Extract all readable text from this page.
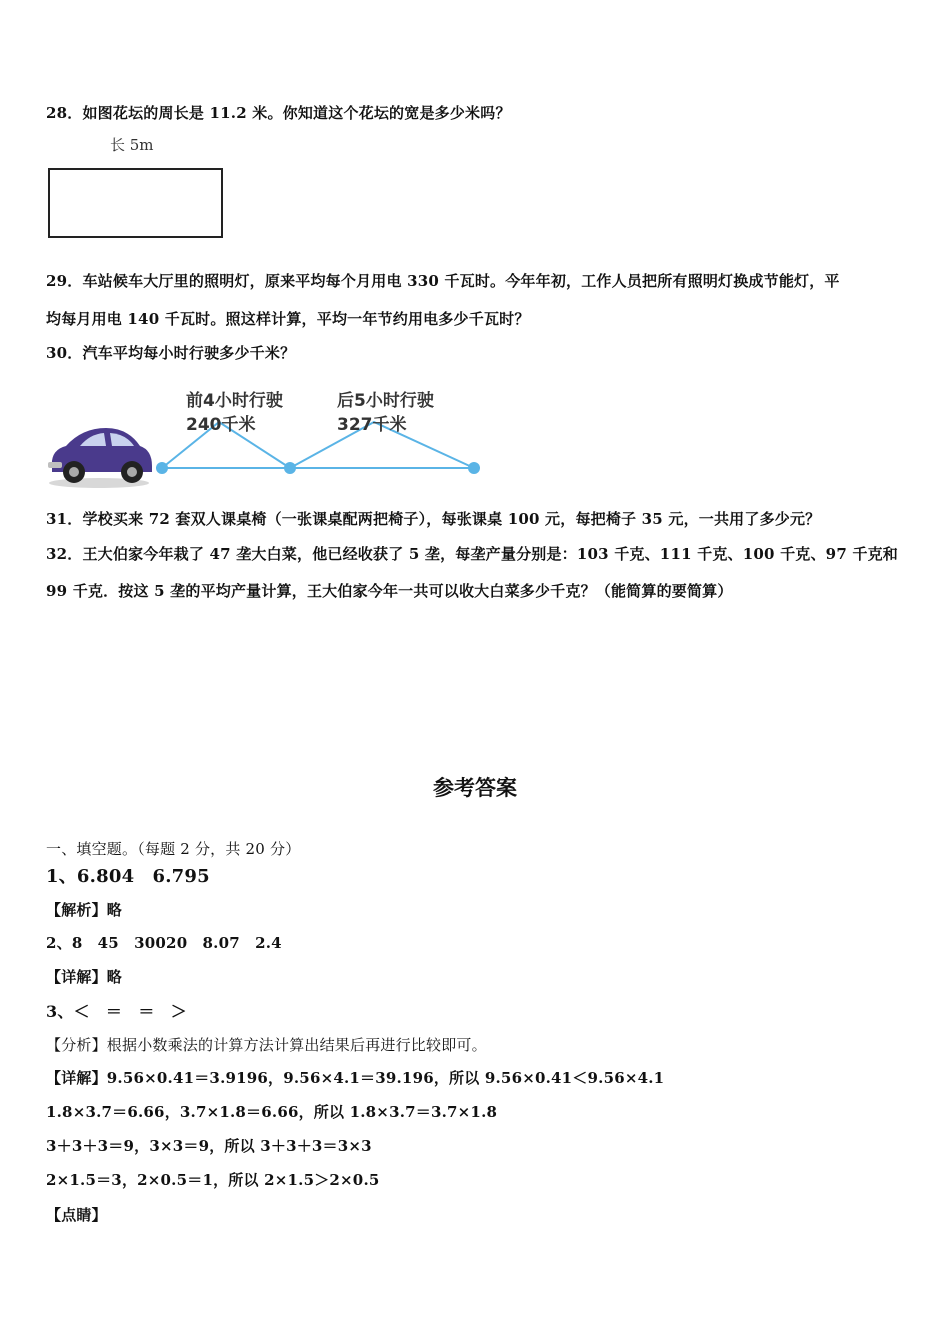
28．如图花坛的周长是 11.2 米。你知道这个花坛的宽是多少米吗？
长 5m
29．车站候车大厅里的照明灯，原来平均每个月用电 330 千瓦时。今年年初，工作人员把所有照明灯换成节能灯，平
均每月用电 140 千瓦时。照这样计算，平均一年节约用电多少千瓦时？
30．汽车平均每小时行驶多少千米？
前4小时行驶
240千米
后5小时行驶
327千米
31．学校买来 72 套双人课桌椅（一张课桌配两把椅子），每张课桌 100 元，每把椅子 35 元，一共用了多少元？
32．王大伯家今年栽了 47 垄大白菜，他已经收获了 5 垄，每垄产量分别是：103 千克、111 千克、100 千克、97 千克和
99 千克．按这 5 垄的平均产量计算，王大伯家今年一共可以收大白菜多少千克？（能简算的要简算）
参考答案
一、填空题。（每题 2 分，共 20 分）
1、6.804　6.795
【解析】略
2、8　45　30020　8.07　2.4
【详解】略
3、＜　＝　＝　＞
【分析】根据小数乘法的计算方法计算出结果后再进行比较即可。
【详解】9.56×0.41＝3.9196，9.56×4.1＝39.196，所以 9.56×0.41＜9.56×4.1
1.8×3.7＝6.66，3.7×1.8＝6.66，所以 1.8×3.7＝3.7×1.8
3＋3＋3＝9，3×3＝9，所以 3＋3＋3＝3×3
2×1.5＝3，2×0.5＝1，所以 2×1.5＞2×0.5
【点睛】
